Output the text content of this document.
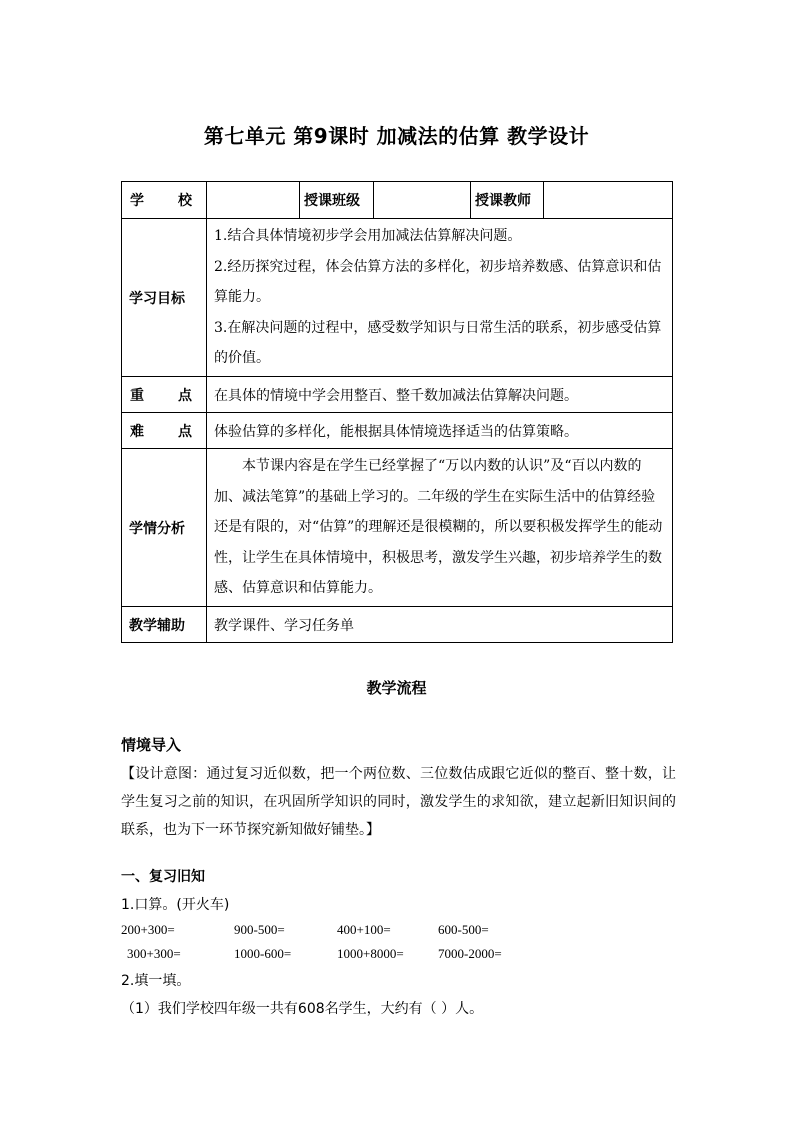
第七单元 第9课时 加减法的估算 教学设计
学 校		授课班级		授课教师	
学习目标	1.结合具体情境初步学会用加减法估算解决问题。
2.经历探究过程，体会估算方法的多样化，初步培养数感、估算意识和估算能力。
3.在解决问题的过程中，感受数学知识与日常生活的联系，初步感受估算的价值。				

重 点	在具体的情境中学会用整百、整千数加减法估算解决问题。				
难 点	体验估算的多样化，能根据具体情境选择适当的估算策略。				
学情分析	本节课内容是在学生已经掌握了“万以内数的认识”及“百以内数的加、减法笔算”的基础上学习的。二年级的学生在实际生活中的估算经验还是有限的，对“估算”的理解还是很模糊的，所以要积极发挥学生的能动性，让学生在具体情境中，积极思考，激发学生兴趣，初步培养学生的数感、估算意识和估算能力。				

教学辅助	教学课件、学习任务单				
教学流程
情境导入
【设计意图：通过复习近似数，把一个两位数、三位数估成跟它近似的整百、整十数，让学生复习之前的知识，在巩固所学知识的同时，激发学生的求知欲，建立起新旧知识间的联系，也为下一环节探究新知做好铺垫。】
一、复习旧知
1.口算。(开火车)
200+300=	900-500=	400+100=	600-500=
300+300=	1000-600=	1000+8000=	7000-2000=
2.填一填。
（1）我们学校四年级一共有608名学生，大约有（ ）人。
